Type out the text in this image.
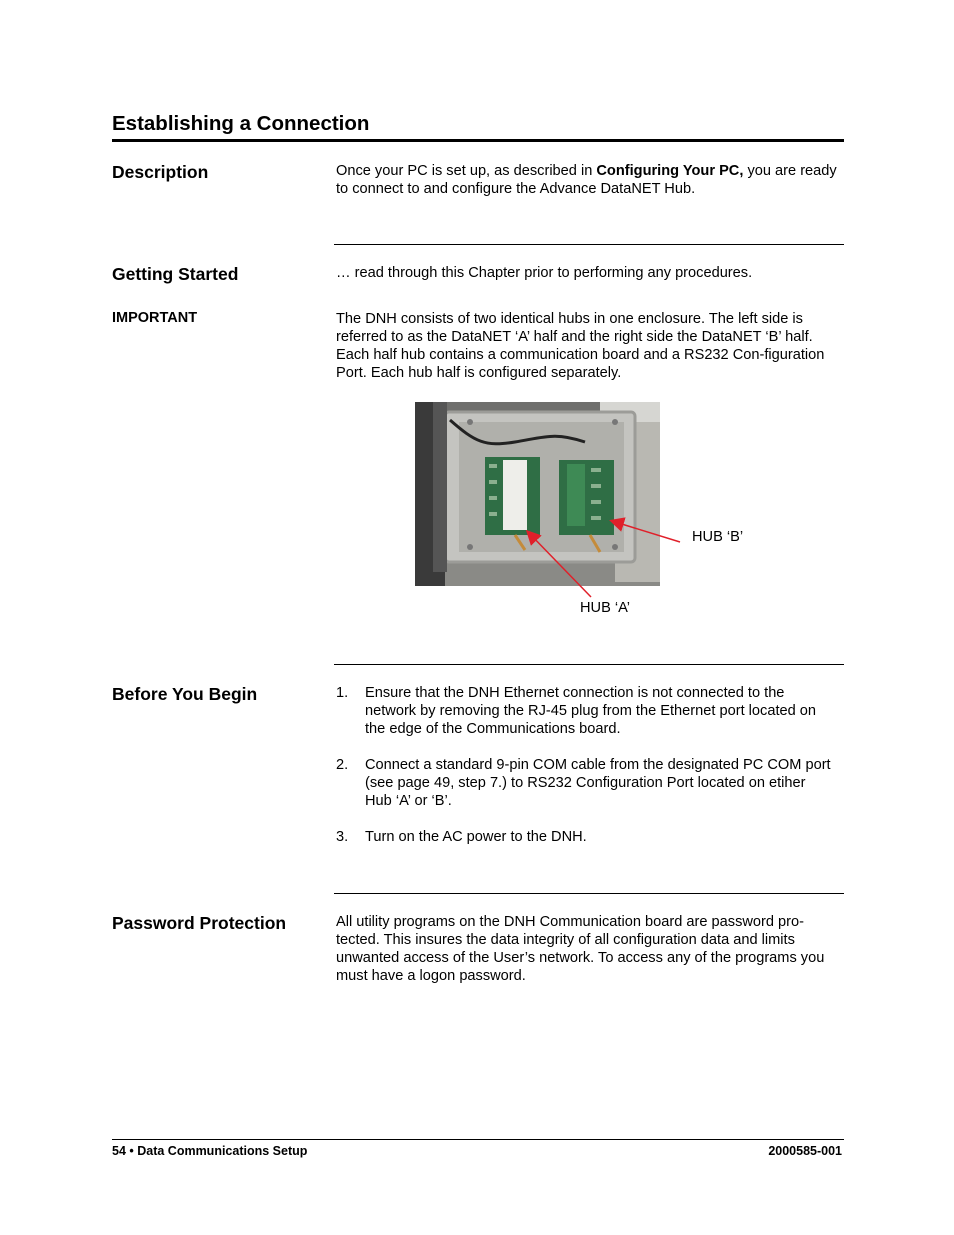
Establishing a Connection
Description	Once your PC is set up, as described in Configuring Your PC, you are ready to connect to and configure the Advance DataNET Hub.

Getting Started	… read through this Chapter prior to performing any procedures.
IMPORTANT	The DNH consists of two identical hubs in one enclosure. The left side is referred to as the DataNET ‘A’ half and the right side the DataNET ‘B’ half. Each half hub contains a communication board and a RS232 Con-figuration Port. Each hub half is configured separately.
HUB ‘B’
HUB ‘A’
Before You Begin	1. Ensure that the DNH Ethernet connection is not connected to the network by removing the RJ-45 plug from the Ethernet port located on the edge of the Communications board.
2. Connect a standard 9-pin COM cable from the designated PC COM port (see page 49, step 7.) to RS232 Configuration Port located on etiher Hub ‘A’ or ‘B’.
3. Turn on the AC power to the DNH.
Password Protection	All utility programs on the DNH Communication board are password pro-tected. This insures the data integrity of all configuration data and limits unwanted access of the User’s network. To access any of the programs you must have a logon password.
54 • Data Communications Setup	2000585-001
